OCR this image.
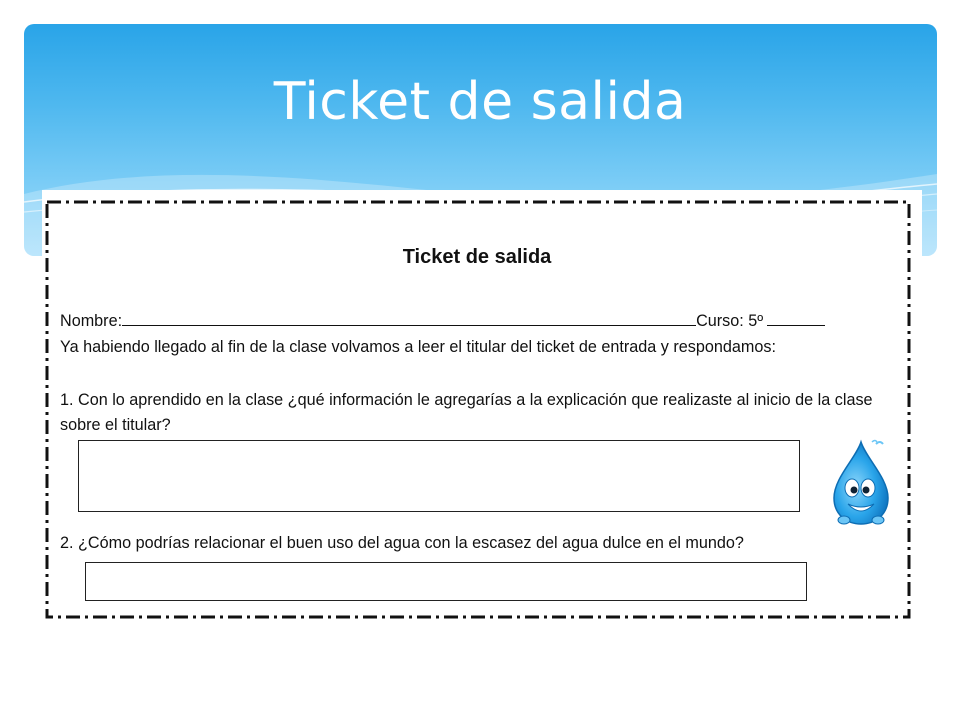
Ticket de salida
Ticket de salida
Nombre:	Curso: 5º
Ya habiendo llegado al fin de la clase volvamos a leer el titular del ticket de entrada y respondamos:
1. Con lo aprendido en la clase ¿qué información le agregarías a la explicación que realizaste al inicio de la clase
sobre el titular?
2. ¿Cómo podrías relacionar el buen uso del agua con la escasez del agua dulce en el mundo?
